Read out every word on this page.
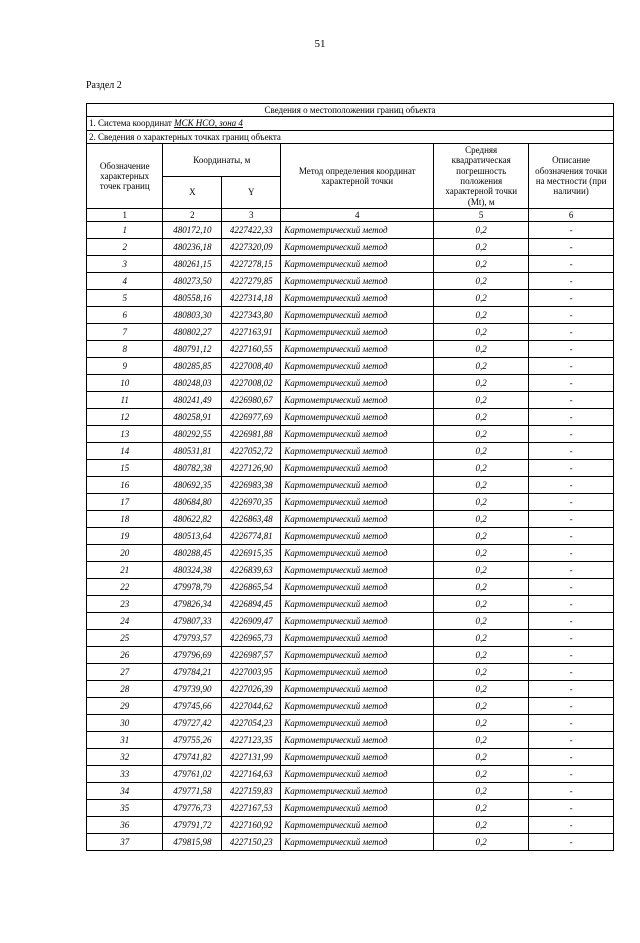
51
Раздел 2
Сведения о местоположении границ объекта					
1. Система координат МСК НСО, зона 4					
2. Сведения о характерных точках границ объекта					
Обозначение характерных точек границ	Координаты, м		Метод определения координат характерной точки	Средняя квадратическая погрешность положения характерной точки (Mt), м	Описание обозначения точки на местности (при наличии)
	X	Y			
1	2	3	4	5	6
1	480172,10	4227422,33	Картометрический метод	0,2	-
2	480236,18	4227320,09	Картометрический метод	0,2	-
3	480261,15	4227278,15	Картометрический метод	0,2	-
4	480273,50	4227279,85	Картометрический метод	0,2	-
5	480558,16	4227314,18	Картометрический метод	0,2	-
6	480803,30	4227343,80	Картометрический метод	0,2	-
7	480802,27	4227163,91	Картометрический метод	0,2	-
8	480791,12	4227160,55	Картометрический метод	0,2	-
9	480285,85	4227008,40	Картометрический метод	0,2	-
10	480248,03	4227008,02	Картометрический метод	0,2	-
11	480241,49	4226980,67	Картометрический метод	0,2	-
12	480258,91	4226977,69	Картометрический метод	0,2	-
13	480292,55	4226981,88	Картометрический метод	0,2	-
14	480531,81	4227052,72	Картометрический метод	0,2	-
15	480782,38	4227126,90	Картометрический метод	0,2	-
16	480692,35	4226983,38	Картометрический метод	0,2	-
17	480684,80	4226970,35	Картометрический метод	0,2	-
18	480622,82	4226863,48	Картометрический метод	0,2	-
19	480513,64	4226774,81	Картометрический метод	0,2	-
20	480288,45	4226915,35	Картометрический метод	0,2	-
21	480324,38	4226839,63	Картометрический метод	0,2	-
22	479978,79	4226865,54	Картометрический метод	0,2	-
23	479826,34	4226894,45	Картометрический метод	0,2	-
24	479807,33	4226909,47	Картометрический метод	0,2	-
25	479793,57	4226965,73	Картометрический метод	0,2	-
26	479796,69	4226987,57	Картометрический метод	0,2	-
27	479784,21	4227003,95	Картометрический метод	0,2	-
28	479739,90	4227026,39	Картометрический метод	0,2	-
29	479745,66	4227044,62	Картометрический метод	0,2	-
30	479727,42	4227054,23	Картометрический метод	0,2	-
31	479755,26	4227123,35	Картометрический метод	0,2	-
32	479741,82	4227131,99	Картометрический метод	0,2	-
33	479761,02	4227164,63	Картометрический метод	0,2	-
34	479771,58	4227159,83	Картометрический метод	0,2	-
35	479776,73	4227167,53	Картометрический метод	0,2	-
36	479791,72	4227160,92	Картометрический метод	0,2	-
37	479815,98	4227150,23	Картометрический метод	0,2	-
